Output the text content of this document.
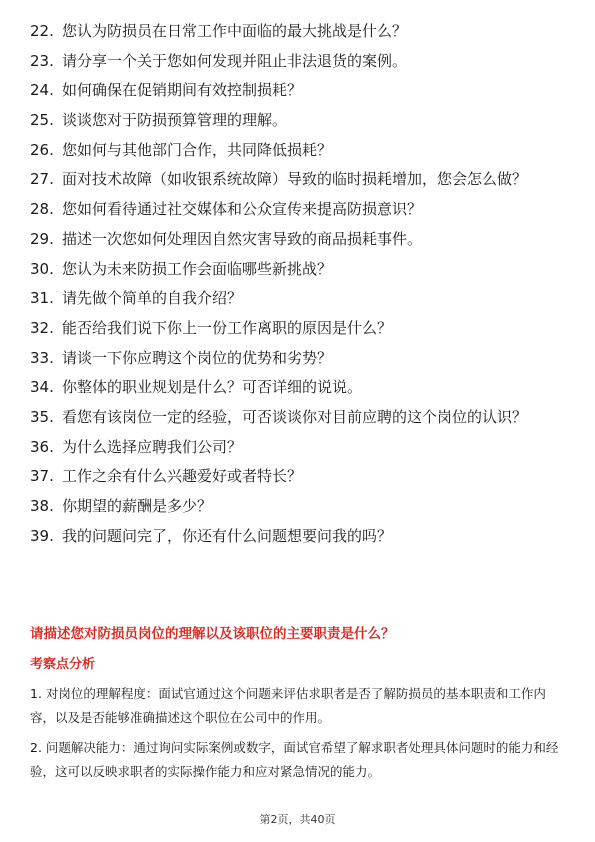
22. 您认为防损员在日常工作中面临的最大挑战是什么？
23. 请分享一个关于您如何发现并阻止非法退货的案例。
24. 如何确保在促销期间有效控制损耗？
25. 谈谈您对于防损预算管理的理解。
26. 您如何与其他部门合作，共同降低损耗？
27. 面对技术故障（如收银系统故障）导致的临时损耗增加，您会怎么做？
28. 您如何看待通过社交媒体和公众宣传来提高防损意识？
29. 描述一次您如何处理因自然灾害导致的商品损耗事件。
30. 您认为未来防损工作会面临哪些新挑战？
31. 请先做个简单的自我介绍？
32. 能否给我们说下你上一份工作离职的原因是什么？
33. 请谈一下你应聘这个岗位的优势和劣势？
34. 你整体的职业规划是什么？可否详细的说说。
35. 看您有该岗位一定的经验，可否谈谈你对目前应聘的这个岗位的认识？
36. 为什么选择应聘我们公司？
37. 工作之余有什么兴趣爱好或者特长？
38. 你期望的薪酬是多少？
39. 我的问题问完了，你还有什么问题想要问我的吗？
请描述您对防损员岗位的理解以及该职位的主要职责是什么？
考察点分析
1. 对岗位的理解程度：面试官通过这个问题来评估求职者是否了解防损员的基本职责和工作内容，以及是否能够准确描述这个职位在公司中的作用。
2. 问题解决能力：通过询问实际案例或数字，面试官希望了解求职者处理具体问题时的能力和经验，这可以反映求职者的实际操作能力和应对紧急情况的能力。
第2页，共40页
